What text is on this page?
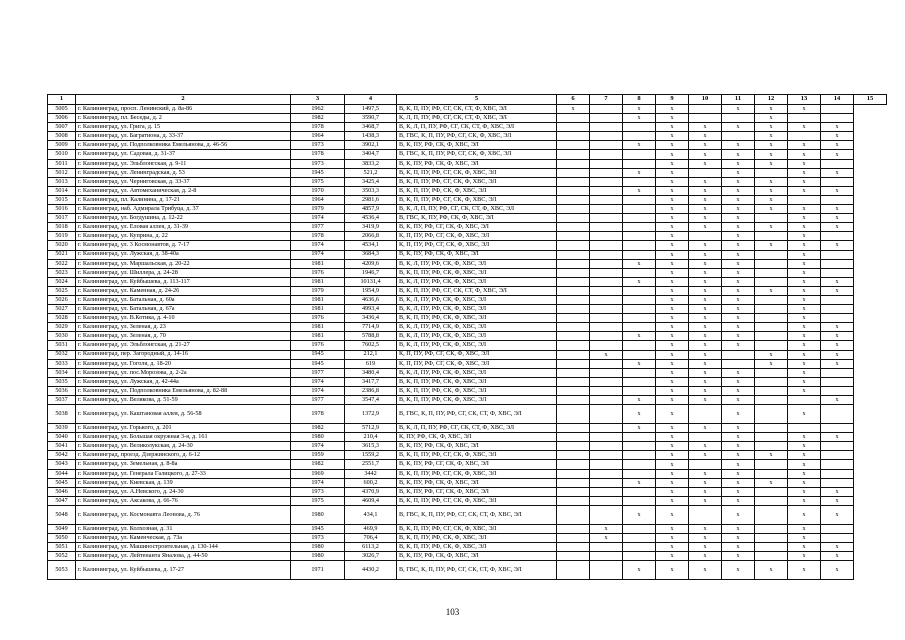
1	2	3	4	5	6	7	8	9	10	11	12	13	14	15
5005	г. Калининград, просп. Ленинский, д. 8а-86	1962	1497,5	В, К, П, ПУ, РФ, СГ, СК, СТ, Ф, ХВС, ЭЛ	х		х	х		х	х	х		
5006	г. Калининград, пл. Беседы, д. 2	1982	3590,7	К, Л, П, ПУ, РФ, СГ, СК, СТ, Ф, ХВС, ЭЛ			х	х			х			
5007	г. Калининград, ул. Грига, д. 15	1978	3468,7	В, К, Л, П, ПУ, РФ, СГ, СК, СТ, Ф, ХВС, ЭЛ				х	х	х	х	х	х	
5008	г. Калининград, ул. Багратиона, д. 33-37	1964	1438,3	В, ГВС, К, П, ПУ, РФ, СГ, СК, Ф, ХВС, ЭЛ				х	х		х		х	
5009	г. Калининград, ул. Подполковника Емельянова, д. 46-56	1973	3902,1	В, К, ПУ, РФ, СК, Ф, ХВС, ЭЛ			х	х	х	х	х	х	х	
5010	г. Калининград, ул. Садовая, д. 31-37	1978	3404,7	В, ГВС, К, П, ПУ, РФ, СГ, СК, Ф, ХВС, ЭЛ				х	х	х	х	х	х	
5011	г. Калининград, ул. Эльблонгская, д. 9-11	1973	3833,2	В, К, ПУ, РФ, СК, Ф, ХВС, ЭЛ				х	х	х	х	х		
5012	г. Калининград, ул. Ленинградская, д. 53	1945	521,2	В, К, П, ПУ, РФ, СГ, СК, Ф, ХВС, ЭЛ			х	х		х		х	х	
5013	г. Калининград, ул. Черниговская, д. 33-37	1975	3425,4	В, К, П, ПУ, РФ, СГ, СК, Ф, ХВС, ЭЛ				х	х	х	х	х		
5014	г. Калининград, ул. Автомеханическая, д. 2-8	1970	3503,3	В, К, П, ПУ, РФ, СК, Ф, ХВС, ЭЛ			х	х	х	х	х	х	х	
5015	г. Калининград, пл. Калинина, д. 17-21	1964	2981,6	В, К, П, ПУ, РФ, СГ, СК, Ф, ХВС, ЭЛ				х	х	х	х			
5016	г. Калининград, наб. Адмирала Трибуца, д. 37	1979	4857,9	В, К, Л, П, ПУ, РФ, СГ, СК, СТ, Ф, ХВС, ЭЛ				х	х	х	х	х	х	
5017	г. Калининград, ул. Богдушина, д. 12-22	1974	4536,4	В, ГВС, К, ПУ, РФ, СК, Ф, ХВС, ЭЛ				х	х	х		х	х	
5018	г. Калининград, ул. Еловая аллея, д. 31-39	1977	3419,9	В, К, ПУ, РФ, СГ, СК, Ф, ХВС, ЭЛ				х	х	х	х	х	х	
5019	г. Калининград, ул. Куприна, д. 22	1978	2066,8	К, П, ПУ, РФ, СГ, СК, Ф, ХВС, ЭЛ				х		х		х		
5020	г. Калининград, ул. 3 Космонавтов, д. 7-17	1974	4534,1	К, П, ПУ, РФ, СГ, СК, Ф, ХВС, ЭЛ				х	х	х	х	х	х	
5021	г. Калининград, ул. Лужская, д. 38-40а	1974	3684,3	В, К, ПУ, РФ, СК, Ф, ХВС, ЭЛ				х	х	х		х		
5022	г. Калининград, ул. Маршальская, д. 20-22	1981	4209,6	В, К, Л, ПУ, РФ, СК, Ф, ХВС, ЭЛ			х	х	х	х		х		
5023	г. Калининград, ул. Шиллера, д. 24-28	1976	1946,7	В, К, П, ПУ, РФ, СК, Ф, ХВС, ЭЛ				х	х	х		х		
5024	г. Калининград, ул. Куйбышева, д. 113-117	1981	10131,4	В, К, Л, ПУ, РФ, СК, Ф, ХВС, ЭЛ			х	х	х	х		х	х	
5025	г. Калининград, ул. Каменная, д. 24-26	1979	1954,9	В, К, П, ПУ, РФ, СГ, СК, СТ, Ф, ХВС, ЭЛ				х	х	х	х	х	х	
5026	г. Калининград, ул. Батальная, д. 60а	1981	4636,6	В, К, Л, ПУ, РФ, СК, Ф, ХВС, ЭЛ				х	х	х		х		
5027	г. Калининград, ул. Батальная, д. 67а	1981	4993,4	В, К, Л, ПУ, РФ, СК, Ф, ХВС, ЭЛ				х	х	х		х		
5028	г. Калининград, ул. В.Котика, д. 4-10	1976	3436,4	В, К, П, ПУ, РФ, СК, Ф, ХВС, ЭЛ				х	х	х		х		
5029	г. Калининград, ул. Зеленая, д. 23	1981	7714,9	В, К, Л, ПУ, РФ, СК, Ф, ХВС, ЭЛ				х	х	х		х	х	
5030	г. Калининград, ул. Зеленая, д. 70	1981	5788,8	В, К, Л, ПУ, РФ, СК, Ф, ХВС, ЭЛ			х	х	х	х		х	х	
5031	г. Калининград, ул. Эльблонгская, д. 21-27	1976	7602,5	В, К, Л, ПУ, РФ, СК, Ф, ХВС, ЭЛ				х	х	х		х	х	
5032	г. Калининград, пер. Загородный, д. 14-16	1945	212,1	К, П, ПУ, РФ, СГ, СК, Ф, ХВС, ЭЛ		х		х	х		х	х	х	
5033	г. Калининград, ул. Гоголя, д. 18-20	1945	619	К, П, ПУ, РФ, СГ, СК, Ф, ХВС, ЭЛ			х	х	х		х	х	х	
5034	г. Калининград, ул. пос.Морозова, д. 2-2а	1977	3480,4	В, К, Л, ПУ, РФ, СК, Ф, ХВС, ЭЛ				х	х	х		х		
5035	г. Калининград, ул. Лужская, д. 42-44а	1974	3417,7	В, К, П, ПУ, РФ, СК, Ф, ХВС, ЭЛ				х	х	х		х		
5036	г. Калининград, ул. Подполковника Емельянова, д. 82-88	1974	2386,8	В, К, П, ПУ, РФ, СК, Ф, ХВС, ЭЛ				х	х	х		х		
5037	г. Калининград, ул. Велякова, д. 51-59	1977	3547,4	В, К, П, ПУ, РФ, СК, Ф, ХВС, ЭЛ			х	х	х	х			х	
5038	г. Калининград, ул. Каштановая аллея, д. 56-58	1978	1372,9	В, ГВС, К, П, ПУ, РФ, СГ, СК, СТ, Ф, ХВС, ЭЛ			х	х		х		х		
5039	г. Калининград, ул. Горького, д. 201	1982	5712,9	В, К, Л, П, ПУ, РФ, СГ, СК, СТ, Ф, ХВС, ЭЛ			х	х	х	х				
5040	г. Калининград, ул. Большая окружная 3-я, д. 161	1980	210,4	К, ПУ, РФ, СК, Ф, ХВС, ЭЛ				х		х		х	х	
5041	г. Калининград, ул. Великолукская, д. 24-30	1974	3615,3	В, К, ПУ, РФ, СК, Ф, ХВС, ЭЛ				х	х	х		х		
5042	г. Калининград, проезд. Дзержинского, д. 6-12	1959	1559,2	В, К, П, ПУ, РФ, СГ, СК, Ф, ХВС, ЭЛ				х	х	х	х	х		
5043	г. Калининград, ул. Земельная, д. 8-8а	1982	2551,7	В, К, ПУ, РФ, СГ, СК, Ф, ХВС, ЭЛ				х		х		х		
5044	г. Калининград, ул. Генерала Галицкого, д. 27-33	1969	3442	В, К, П, ПУ, РФ, СГ, СК, Ф, ХВС, ЭЛ				х	х	х		х		
5045	г. Калининград, ул. Киевская, д. 139	1974	600,2	В, К, ПУ, РФ, СК, Ф, ХВС, ЭЛ			х	х	х	х	х	х		
5046	г. Калининград, ул. А.Невского, д. 24-30	1973	4370,9	В, К, ПУ, РФ, СГ, СК, Ф, ХВС, ЭЛ				х	х	х		х	х	
5047	г. Калининград, ул. Аксакова, д. 66-76	1975	4609,4	В, К, П, ПУ, РФ, СГ, СК, Ф, ХВС, ЭЛ				х	х	х		х	х	
5048	г. Калининград, ул. Космонавта Леонова, д. 76	1980	434,1	В, ГВС, К, П, ПУ, РФ, СГ, СК, СТ, Ф, ХВС, ЭЛ			х	х		х		х	х	
5049	г. Калининград, ул. Колхозная, д. 31	1945	469,9	В, К, П, ПУ, РФ, СГ, СК, Ф, ХВС, ЭЛ		х		х	х	х		х		
5050	г. Калининград, ул. Каменческая, д. 73а	1973	706,4	В, К, П, ПУ, РФ, СК, Ф, ХВС, ЭЛ		х		х	х	х		х		
5051	г. Калининград, ул. Машиностроительная, д. 130-144	1980	6113,2	В, К, П, ПУ, РФ, СК, Ф, ХВС, ЭЛ				х	х	х		х	х	
5052	г. Калининград, ул. Лейтенанта Яналова, д. 44-50	1980	3026,7	В, К, ПУ, РФ, СК, Ф, ХВС, ЭЛ				х	х	х		х	х	
5053	г. Калининград, ул. Куйбышева, д. 17-27	1971	4430,2	В, ГВС, К, П, ПУ, РФ, СГ, СК, СТ, Ф, ХВС, ЭЛ			х	х	х	х	х	х	х	
103
